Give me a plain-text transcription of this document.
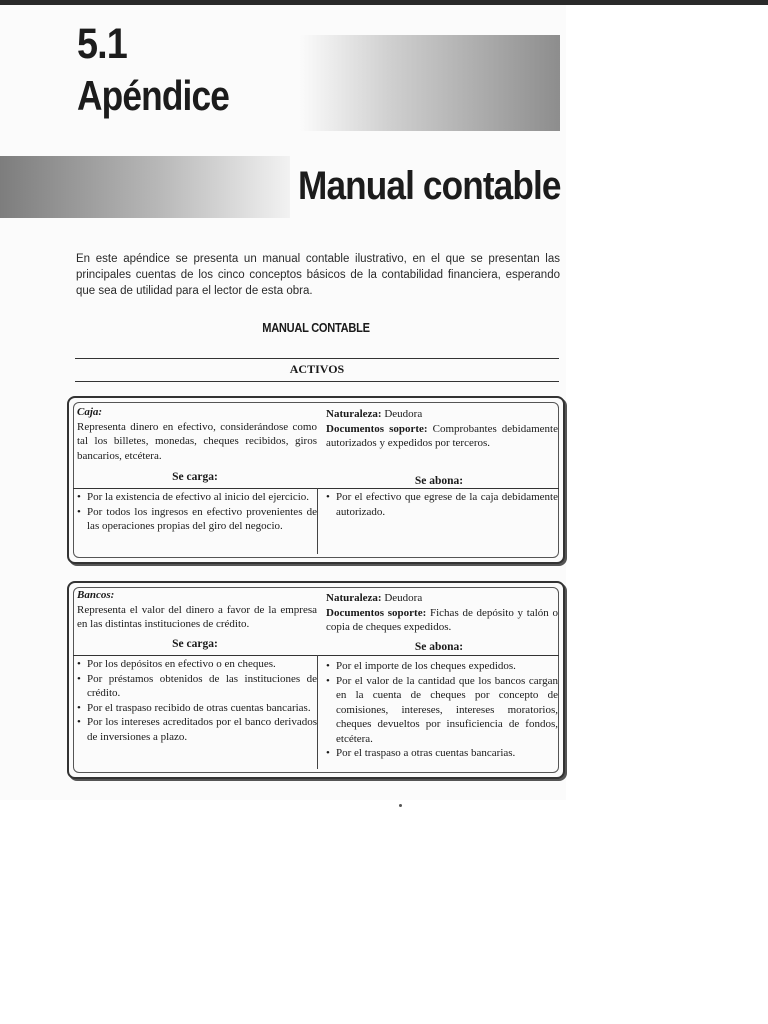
5.1
Apéndice
Manual contable
En este apéndice se presenta un manual contable ilustrativo, en el que se presentan las principales cuentas de los cinco conceptos básicos de la contabilidad financiera, esperando que sea de utilidad para el lector de esta obra.
MANUAL CONTABLE
ACTIVOS
Caja:
Representa dinero en efectivo, considerándose como tal los billetes, monedas, cheques recibidos, giros bancarios, etcétera.
Naturaleza: Deudora
Documentos soporte: Comprobantes debidamente autorizados y expedidos por terceros.
Se carga:	Se abona:
• Por la existencia de efectivo al inicio del ejercicio.
• Por todos los ingresos en efectivo provenientes de las operaciones propias del giro del negocio.
• Por el efectivo que egrese de la caja debidamente autorizado.
Bancos:
Representa el valor del dinero a favor de la empresa en las distintas instituciones de crédito.
Naturaleza: Deudora
Documentos soporte: Fichas de depósito y talón o copia de cheques expedidos.
Se carga:	Se abona:
• Por los depósitos en efectivo o en cheques.
• Por préstamos obtenidos de las instituciones de crédito.
• Por el traspaso recibido de otras cuentas bancarias.
• Por los intereses acreditados por el banco derivados de inversiones a plazo.
• Por el importe de los cheques expedidos.
• Por el valor de la cantidad que los bancos cargan en la cuenta de cheques por concepto de comisiones, intereses, intereses moratorios, cheques devueltos por insuficiencia de fondos, etcétera.
• Por el traspaso a otras cuentas bancarias.
